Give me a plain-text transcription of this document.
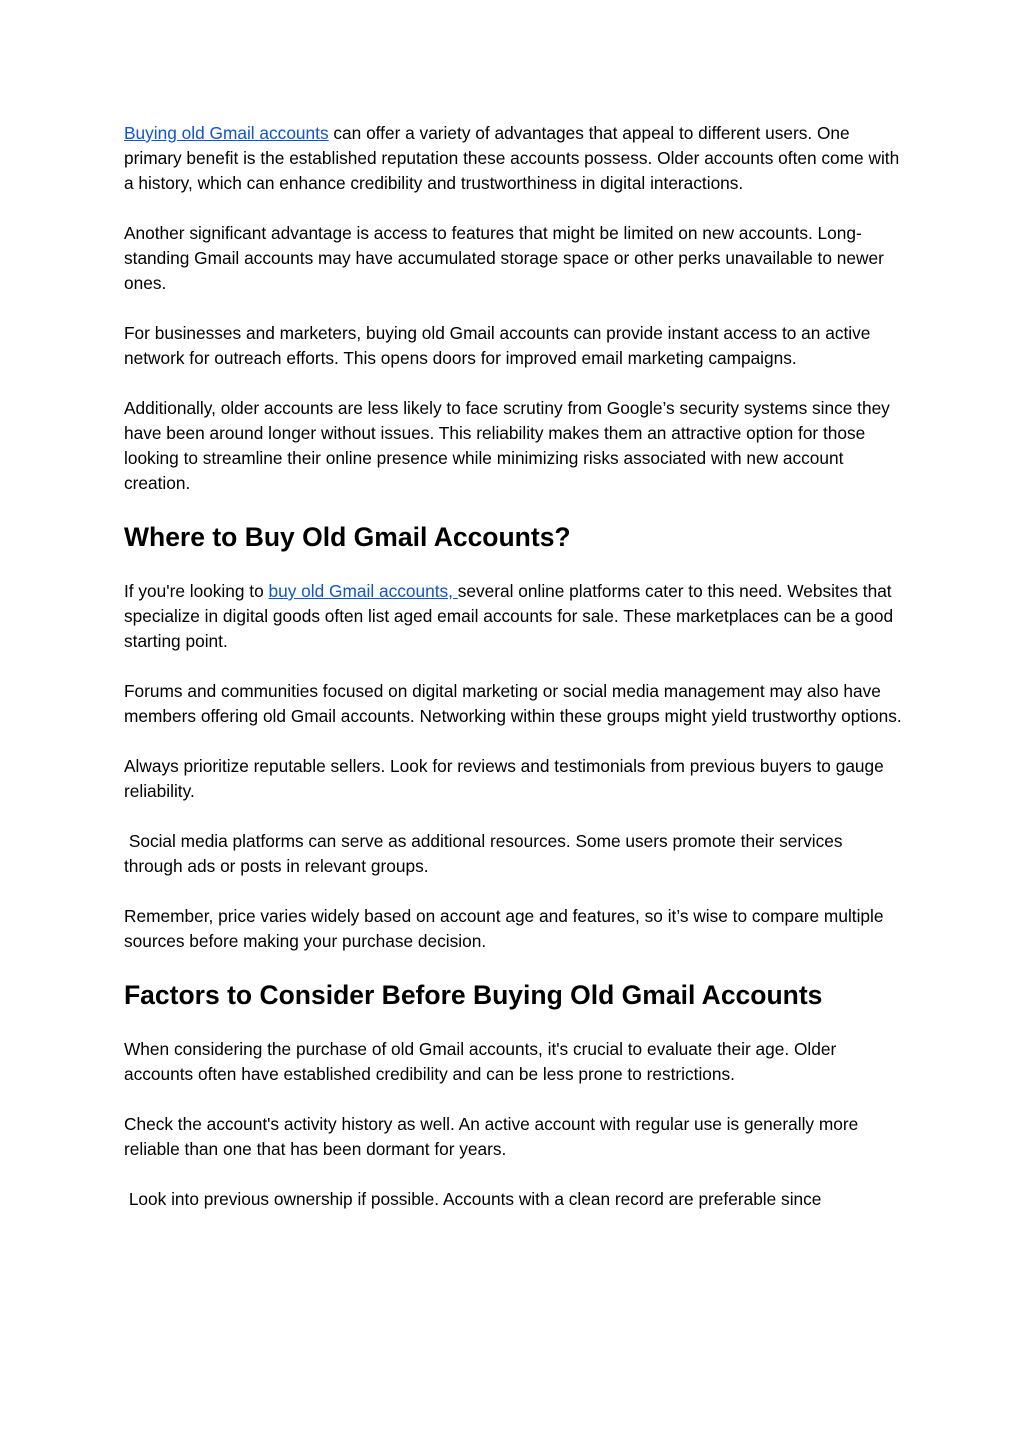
Buying old Gmail accounts can offer a variety of advantages that appeal to different users. One primary benefit is the established reputation these accounts possess. Older accounts often come with a history, which can enhance credibility and trustworthiness in digital interactions.

Another significant advantage is access to features that might be limited on new accounts. Long-standing Gmail accounts may have accumulated storage space or other perks unavailable to newer ones.

For businesses and marketers, buying old Gmail accounts can provide instant access to an active network for outreach efforts. This opens doors for improved email marketing campaigns.

Additionally, older accounts are less likely to face scrutiny from Google’s security systems since they have been around longer without issues. This reliability makes them an attractive option for those looking to streamline their online presence while minimizing risks associated with new account creation.

Where to Buy Old Gmail Accounts?

If you're looking to buy old Gmail accounts, several online platforms cater to this need. Websites that specialize in digital goods often list aged email accounts for sale. These marketplaces can be a good starting point.

Forums and communities focused on digital marketing or social media management may also have members offering old Gmail accounts. Networking within these groups might yield trustworthy options.

Always prioritize reputable sellers. Look for reviews and testimonials from previous buyers to gauge reliability.

Social media platforms can serve as additional resources. Some users promote their services through ads or posts in relevant groups.

Remember, price varies widely based on account age and features, so it’s wise to compare multiple sources before making your purchase decision.

Factors to Consider Before Buying Old Gmail Accounts

When considering the purchase of old Gmail accounts, it's crucial to evaluate their age. Older accounts often have established credibility and can be less prone to restrictions.

Check the account's activity history as well. An active account with regular use is generally more reliable than one that has been dormant for years.

Look into previous ownership if possible. Accounts with a clean record are preferable since
